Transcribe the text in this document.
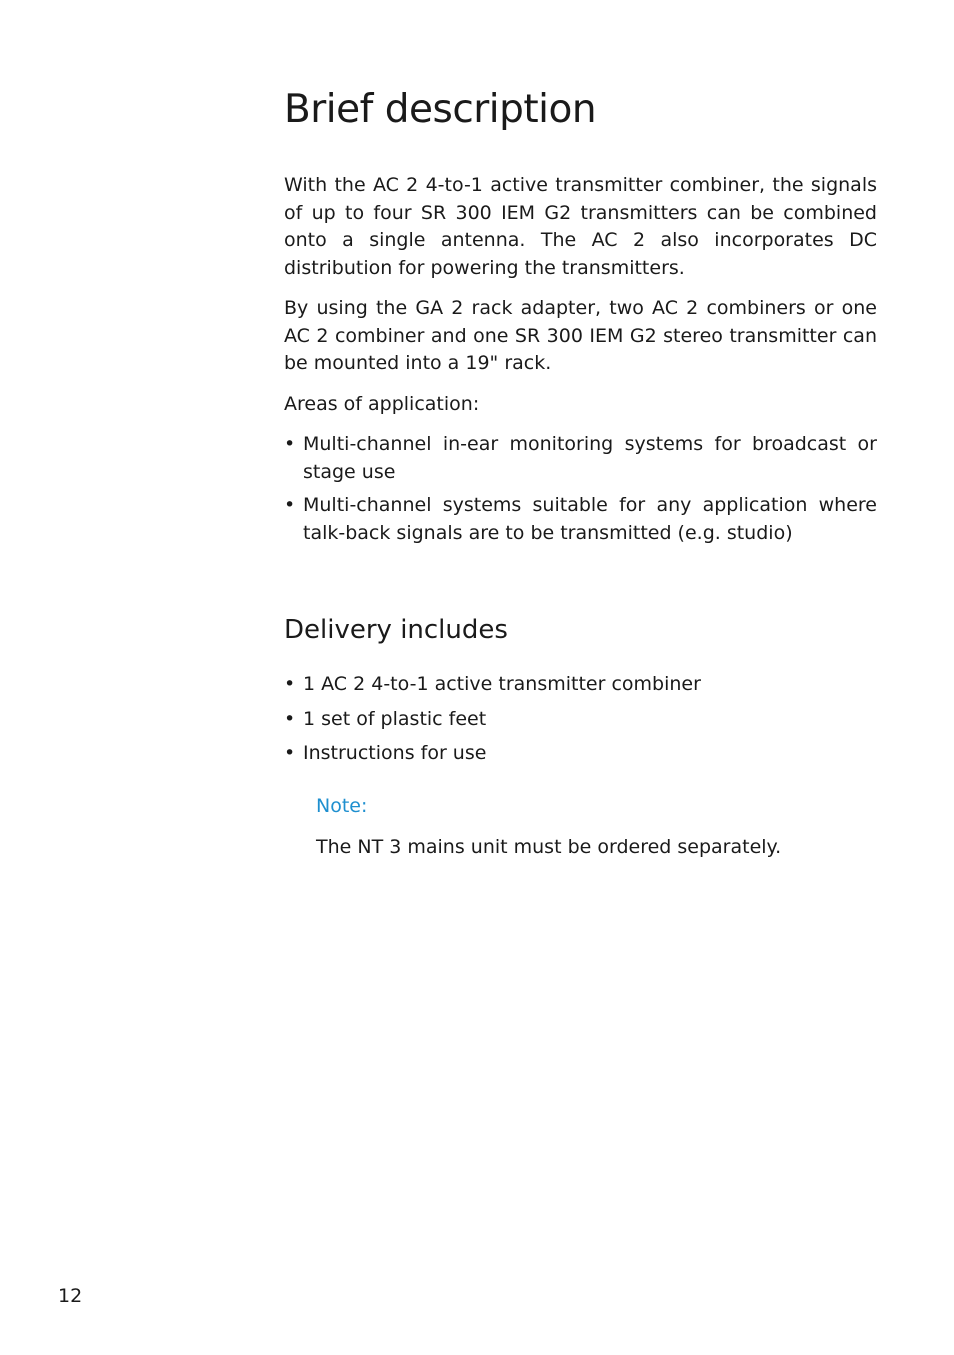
Brief description

With the AC 2 4-to-1 active transmitter combiner, the signals of up to four SR 300 IEM G2 transmitters can be combined onto a single antenna. The AC 2 also incorporates DC distribution for powering the transmitters.

By using the GA 2 rack adapter, two AC 2 combiners or one AC 2 combiner and one SR 300 IEM G2 stereo transmitter can be mounted into a 19" rack.

Areas of application:

• Multi-channel in-ear monitoring systems for broadcast or stage use
• Multi-channel systems suitable for any application where talk-back signals are to be transmitted (e.g. studio)
Delivery includes
• 1 AC 2 4-to-1 active transmitter combiner
• 1 set of plastic feet
• Instructions for use

Note:

The NT 3 mains unit must be ordered separately.

12
